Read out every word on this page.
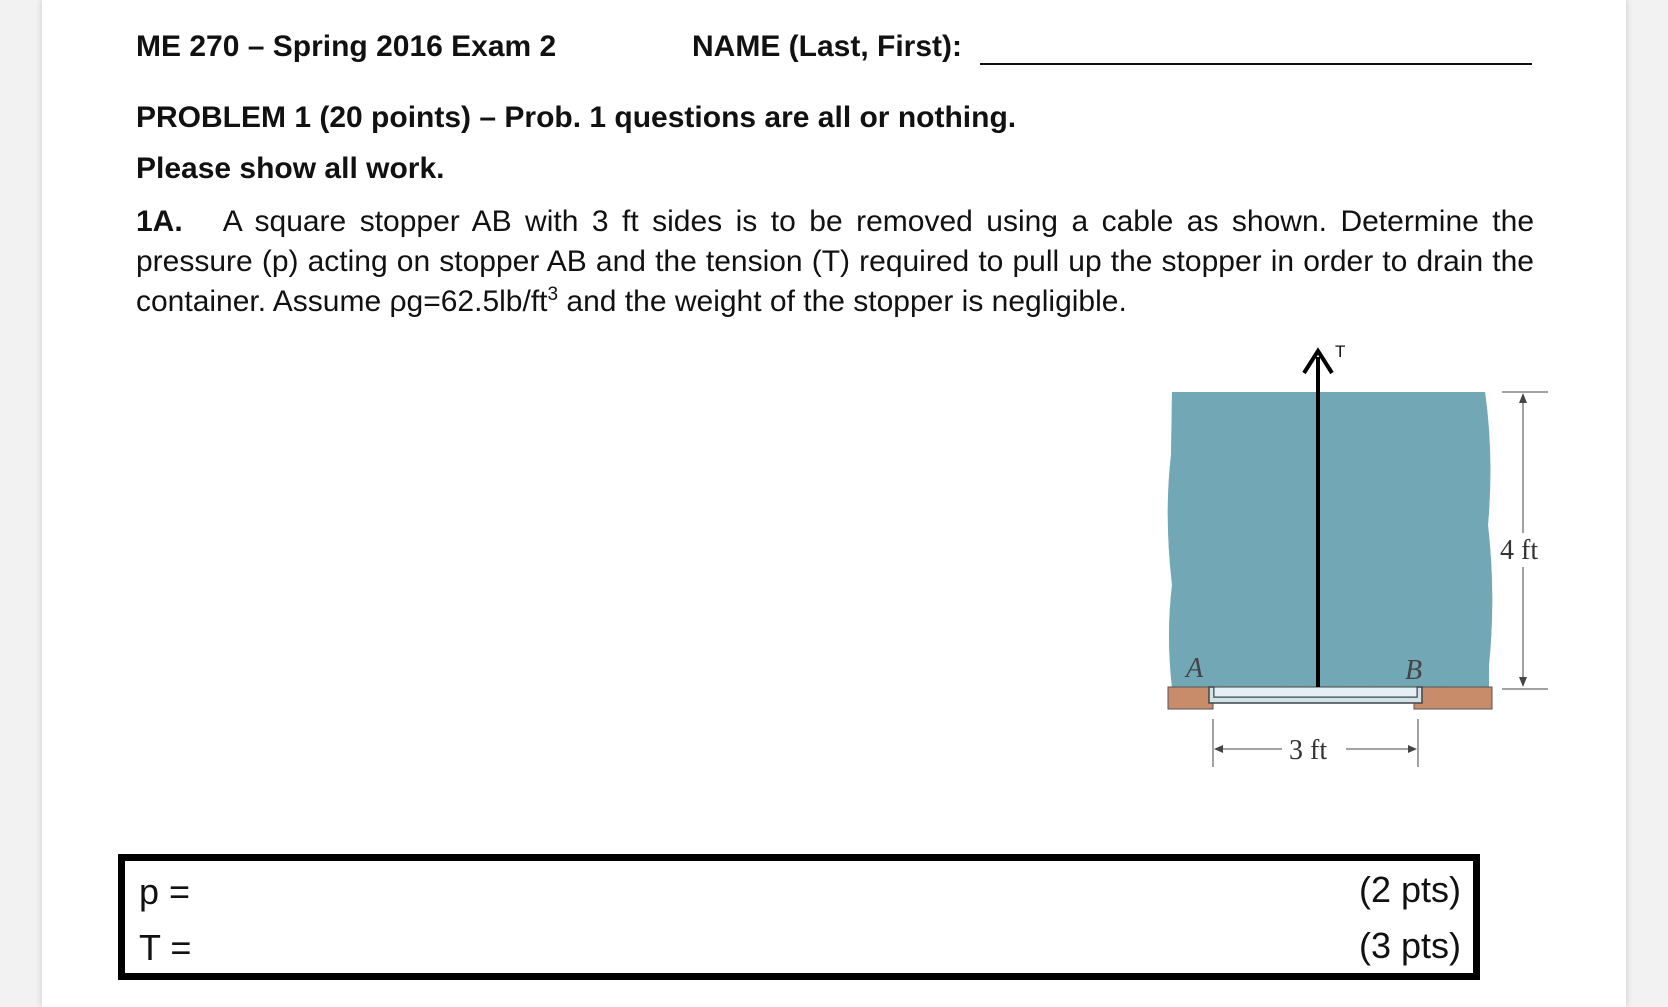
ME 270 – Spring 2016 Exam 2	NAME (Last, First):
PROBLEM 1 (20 points) – Prob. 1 questions are all or nothing.
Please show all work.
1A. A square stopper AB with 3 ft sides is to be removed using a cable as shown. Determine the pressure (p) acting on stopper AB and the tension (T) required to pull up the stopper in order to drain the container. Assume $\rho g=62.5lb/ft^3$ and the weight of the stopper is negligible.
T
A	B
4 ft
3 ft
p =
T =
(2 pts)
(3 pts)
